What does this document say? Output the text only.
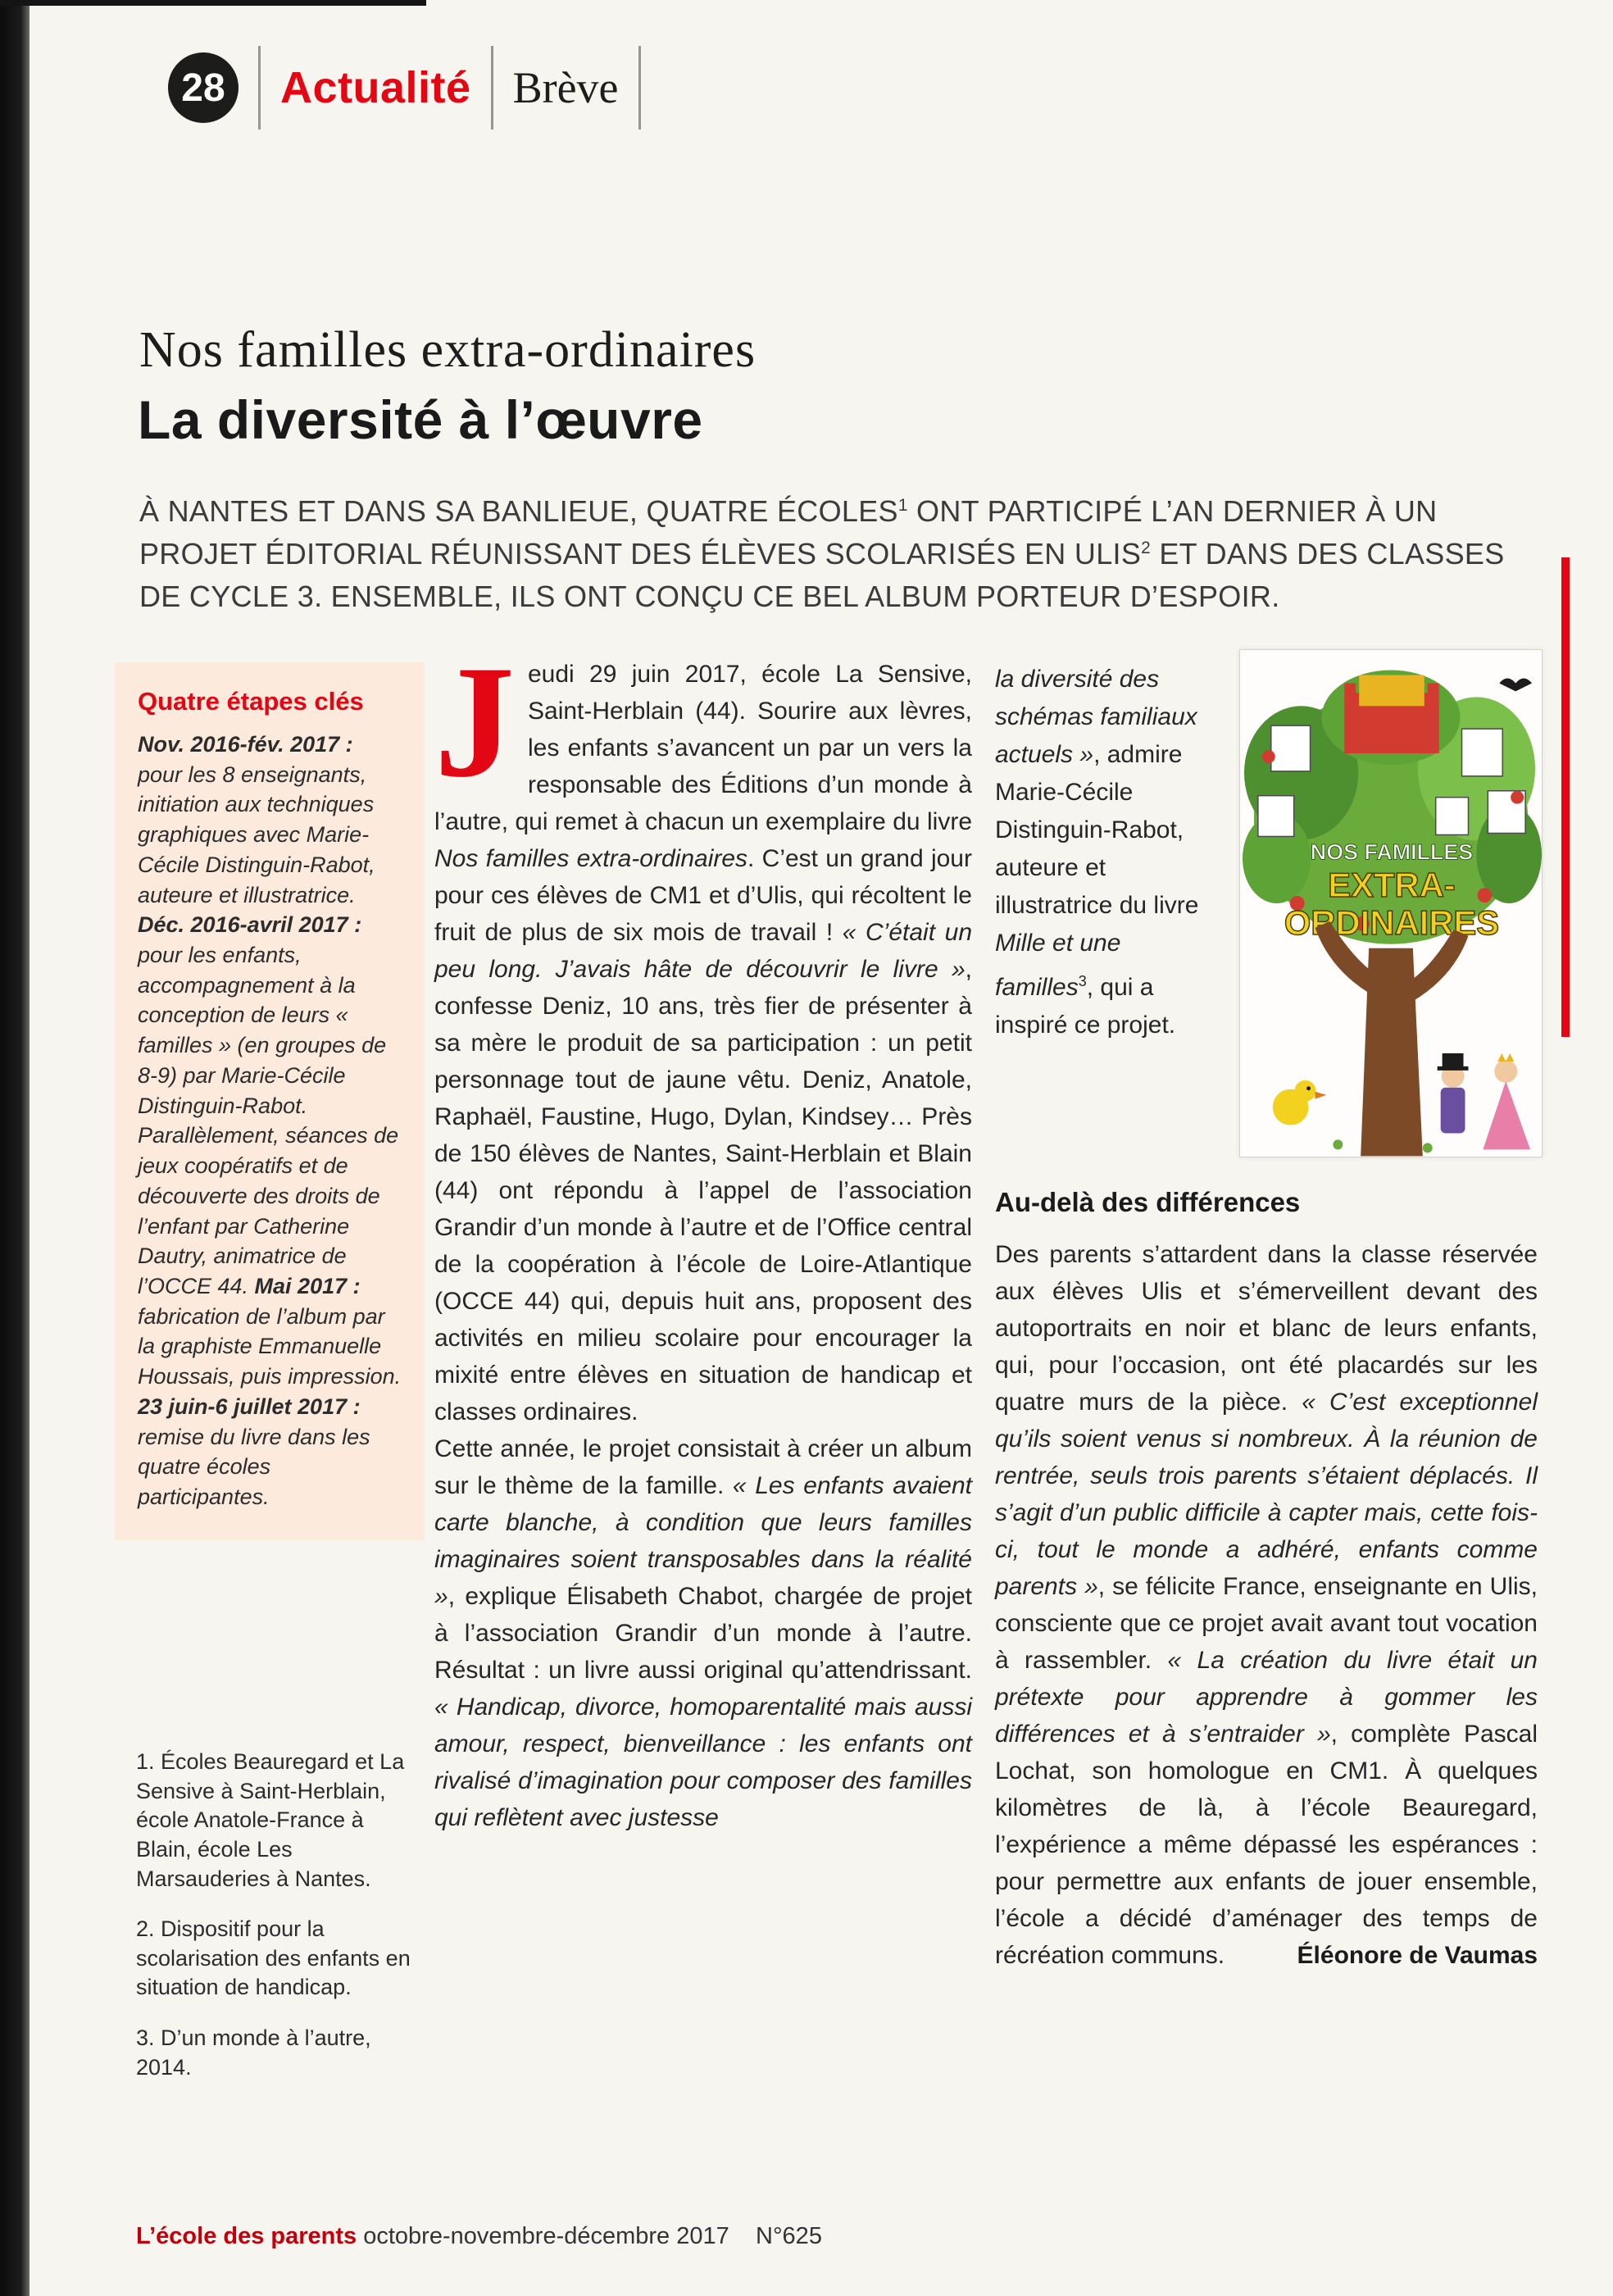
28	Actualité Brève
Nos familles extra-ordinaires
La diversité à l’œuvre
À NANTES ET DANS SA BANLIEUE, QUATRE ÉCOLES$^1$ ONT PARTICIPÉ L’AN DERNIER À UN PROJET ÉDITORIAL RÉUNISSANT DES ÉLÈVES SCOLARISÉS EN ULIS$^2$ ET DANS DES CLASSES DE CYCLE 3. ENSEMBLE, ILS ONT CONÇU CE BEL ALBUM PORTEUR D’ESPOIR.
Quatre étapes clés
Nov. 2016-fév. 2017 : pour les 8 enseignants, initiation aux techniques graphiques avec Marie-Cécile Distinguin-Rabot, auteure et illustratrice. Déc. 2016-avril 2017 : pour les enfants, accompagnement à la conception de leurs « familles » (en groupes de 8-9) par Marie-Cécile Distinguin-Rabot. Parallèlement, séances de jeux coopératifs et de découverte des droits de l’enfant par Catherine Dautry, animatrice de l’OCCE 44. Mai 2017 : fabrication de l’album par la graphiste Emmanuelle Houssais, puis impression. 23 juin-6 juillet 2017 : remise du livre dans les quatre écoles participantes.
1. Écoles Beauregard et La Sensive à Saint-Herblain, école Anatole-France à Blain, école Les Marsauderies à Nantes.
2. Dispositif pour la scolarisation des enfants en situation de handicap.
3. D’un monde à l’autre, 2014.

Jeudi 29 juin 2017, école La Sensive, Saint-Herblain (44). Sourire aux lèvres, les enfants s’avancent un par un vers la responsable des Éditions d’un monde à l’autre, qui remet à chacun un exemplaire du livre Nos familles extra-ordinaires. C’est un grand jour pour ces élèves de CM1 et d’Ulis, qui récoltent le fruit de plus de six mois de travail ! « C’était un peu long. J’avais hâte de découvrir le livre », confesse Deniz, 10 ans, très fier de présenter à sa mère le produit de sa participation : un petit personnage tout de jaune vêtu. Deniz, Anatole, Raphaël, Faustine, Hugo, Dylan, Kindsey… Près de 150 élèves de Nantes, Saint-Herblain et Blain (44) ont répondu à l’appel de l’association Grandir d’un monde à l’autre et de l’Office central de la coopération à l’école de Loire-Atlantique (OCCE 44) qui, depuis huit ans, proposent des activités en milieu scolaire pour encourager la mixité entre élèves en situation de handicap et classes ordinaires.

Cette année, le projet consistait à créer un album sur le thème de la famille. « Les enfants avaient carte blanche, à condition que leurs familles imaginaires soient transposables dans la réalité », explique Élisabeth Chabot, chargée de projet à l’association Grandir d’un monde à l’autre. Résultat : un livre aussi original qu’attendrissant. « Handicap, divorce, homoparentalité mais aussi amour, respect, bienveillance : les enfants ont rivalisé d’imagination pour composer des familles qui reflètent avec justesse

la diversité des schémas familiaux actuels », admire Marie-Cécile Distinguin-Rabot, auteure et illustratrice du livre Mille et une familles$^3$, qui a inspiré ce projet.
NOS FAMILLES
EXTRA-
ORDINAIRES
Au-delà des différences

Des parents s’attardent dans la classe réservée aux élèves Ulis et s’émerveillent devant des autoportraits en noir et blanc de leurs enfants, qui, pour l’occasion, ont été placardés sur les quatre murs de la pièce. « C’est exceptionnel qu’ils soient venus si nombreux. À la réunion de rentrée, seuls trois parents s’étaient déplacés. Il s’agit d’un public difficile à capter mais, cette fois-ci, tout le monde a adhéré, enfants comme parents », se félicite France, enseignante en Ulis, consciente que ce projet avait avant tout vocation à rassembler. « La création du livre était un prétexte pour apprendre à gommer les différences et à s’entraider », complète Pascal Lochat, son homologue en CM1. À quelques kilomètres de là, à l’école Beauregard, l’expérience a même dépassé les espérances : pour permettre aux enfants de jouer ensemble, l’école a décidé d’aménager des temps de récréation communs.	Éléonore de Vaumas
L’école des parents octobre-novembre-décembre 2017 N°625
